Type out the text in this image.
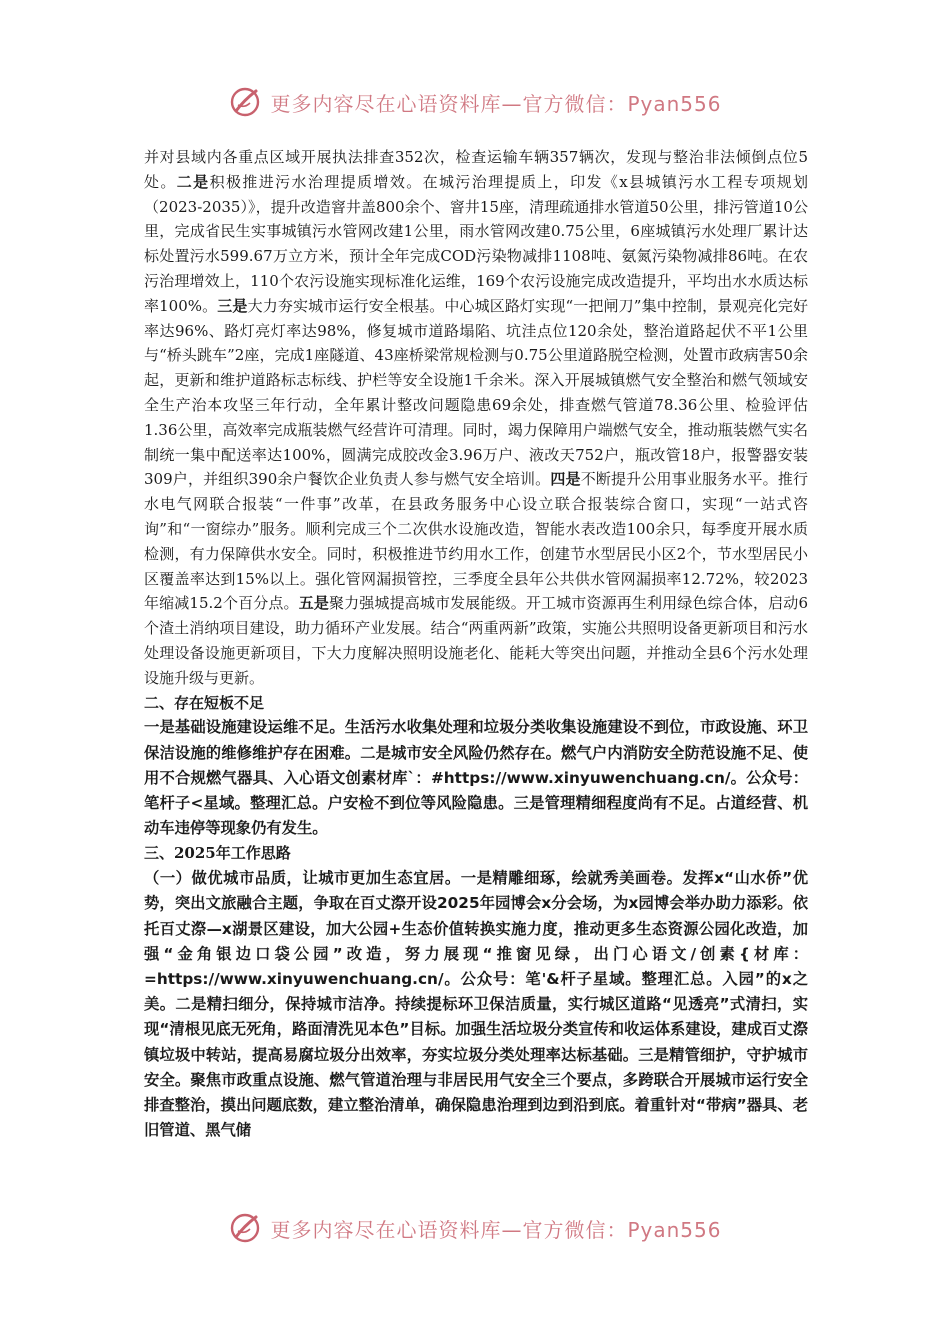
更多内容尽在心语资料库—官方微信：Pyan556

并对县域内各重点区域开展执法排查352次，检查运输车辆357辆次，发现与整治非法倾倒点位5处。二是积极推进污水治理提质增效。在城污治理提质上，印发《x县城镇污水工程专项规划（2023-2035）》，提升改造窨井盖800余个、窨井15座，清理疏通排水管道50公里，排污管道10公里，完成省民生实事城镇污水管网改建1公里，雨水管网改建0.75公里，6座城镇污水处理厂累计达标处置污水599.67万立方米，预计全年完成COD污染物减排1108吨、氨氮污染物减排86吨。在农污治理增效上，110个农污设施实现标准化运维，169个农污设施完成改造提升，平均出水水质达标率100%。三是大力夯实城市运行安全根基。中心城区路灯实现“一把闸刀”集中控制，景观亮化完好率达96%、路灯亮灯率达98%，修复城市道路塌陷、坑洼点位120余处，整治道路起伏不平1公里与“桥头跳车”2座，完成1座隧道、43座桥梁常规检测与0.75公里道路脱空检测，处置市政病害50余起，更新和维护道路标志标线、护栏等安全设施1千余米。深入开展城镇燃气安全整治和燃气领域安全生产治本攻坚三年行动，全年累计整改问题隐患69余处，排查燃气管道78.36公里、检验评估1.36公里，高效率完成瓶装燃气经营许可清理。同时，竭力保障用户端燃气安全，推动瓶装燃气实名制统一集中配送率达100%，圆满完成胶改金3.96万户、液改天752户，瓶改管18户，报警器安装309户，并组织390余户餐饮企业负责人参与燃气安全培训。四是不断提升公用事业服务水平。推行水电气网联合报装“一件事”改革，在县政务服务中心设立联合报装综合窗口，实现“一站式咨询”和“一窗综办”服务。顺利完成三个二次供水设施改造，智能水表改造100余只，每季度开展水质检测，有力保障供水安全。同时，积极推进节约用水工作，创建节水型居民小区2个，节水型居民小区覆盖率达到15%以上。强化管网漏损管控，三季度全县年公共供水管网漏损率12.72%，较2023年缩减15.2个百分点。五是聚力强城提高城市发展能级。开工城市资源再生利用绿色综合体，启动6个渣土消纳项目建设，助力循环产业发展。结合“两重两新”政策，实施公共照明设备更新项目和污水处理设备设施更新项目，下大力度解决照明设施老化、能耗大等突出问题，并推动全县6个污水处理设施升级与更新。

二、存在短板不足

一是基础设施建设运维不足。生活污水收集处理和垃圾分类收集设施建设不到位，市政设施、环卫保洁设施的维修维护存在困难。二是城市安全风险仍然存在。燃气户内消防安全防范设施不足、使用不合规燃气器具、入心语文创素材库`：#https://www.xinyuwenchuang.cn/。公众号：笔杆子<星域。整理汇总。户安检不到位等风险隐患。三是管理精细程度尚有不足。占道经营、机动车违停等现象仍有发生。

三、2025年工作思路

（一）做优城市品质，让城市更加生态宜居。一是精雕细琢，绘就秀美画卷。发挥x“山水侨”优势，突出文旅融合主题，争取在百丈漈开设2025年园博会x分会场，为x园博会举办助力添彩。依托百丈漈—x湖景区建设，加大公园+生态价值转换实施力度，推动更多生态资源公园化改造，加强“金角银边口袋公园”改造，努力展现“推窗见绿，出门心语文/创素{材库：=https://www.xinyuwenchuang.cn/。公众号：笔'&杆子星域。整理汇总。入园”的x之美。二是精扫细分，保持城市洁净。持续提标环卫保洁质量，实行城区道路“见透亮”式清扫，实现“清根见底无死角，路面清洗见本色”目标。加强生活垃圾分类宣传和收运体系建设，建成百丈漈镇垃圾中转站，提高易腐垃圾分出效率，夯实垃圾分类处理率达标基础。三是精管细护，守护城市安全。聚焦市政重点设施、燃气管道治理与非居民用气安全三个要点，多跨联合开展城市运行安全排查整治，摸出问题底数，建立整治清单，确保隐患治理到边到沿到底。着重针对“带病”器具、老旧管道、黑气储

更多内容尽在心语资料库—官方微信：Pyan556
